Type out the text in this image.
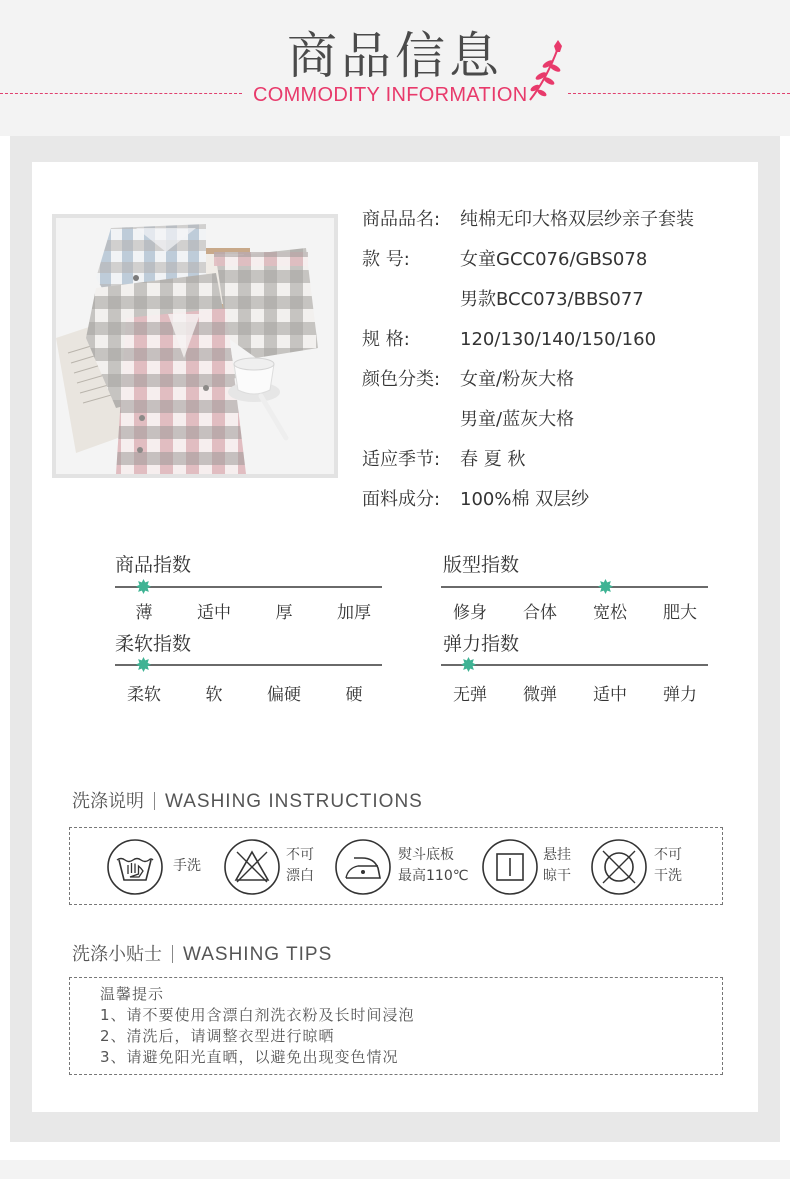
商品信息
COMMODITY INFORMATION
商品品名: 纯棉无印大格双层纱亲子套装
款 号:	女童GCC076/GBS078
男款BCC073/BBS077
规 格:	120/130/140/150/160
颜色分类: 女童/粉灰大格
男童/蓝灰大格
适应季节: 春 夏 秋
面料成分: 100%棉 双层纱
商品指数
薄	适中	厚	加厚
版型指数
修身	合体	宽松	肥大
柔软指数
柔软	软	偏硬	硬
弹力指数
无弹	微弹	适中	弹力
洗涤说明 WASHING INSTRUCTIONS
手洗
不可
漂白
熨斗底板
最高110℃
悬挂
晾干
不可
干洗
洗涤小贴士 WASHING TIPS
温馨提示
1、请不要使用含漂白剂洗衣粉及长时间浸泡
2、清洗后，请调整衣型进行晾晒
3、请避免阳光直晒，以避免出现变色情况
